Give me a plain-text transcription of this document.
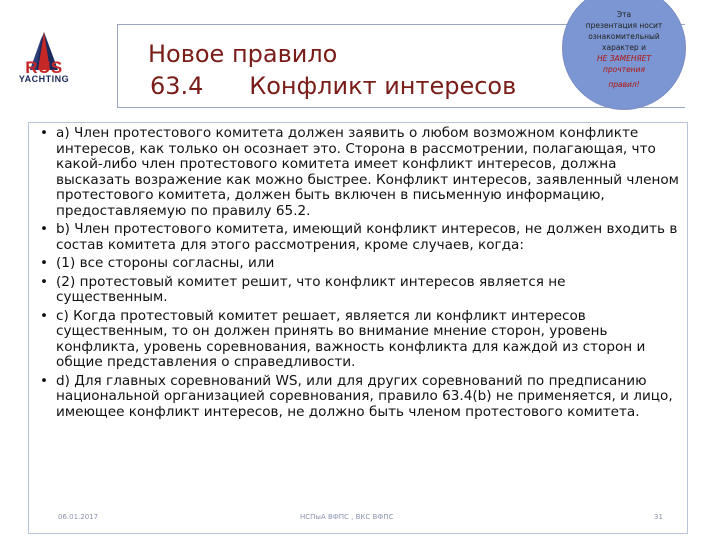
RUS
YACHTING
Новое правило
63.4      Конфликт интересов
Эта
презентация носит
ознакомительный
характер и
НЕ ЗАМЕНЯЕТ
прочтения
правил!
• a) Член протестового комитета должен заявить о любом возможном конфликте интересов, как только он осознает это. Сторона в рассмотрении, полагающая, что какой-либо член протестового комитета имеет конфликт интересов, должна высказать возражение как можно быстрее. Конфликт интересов, заявленный членом протестового комитета, должен быть включен в письменную информацию, предоставляемую по правилу 65.2.
• b) Член протестового комитета, имеющий конфликт интересов, не должен входить в состав комитета для этого рассмотрения, кроме случаев, когда:
• (1) все стороны согласны, или
• (2) протестовый комитет решит, что конфликт интересов является не существенным.
• c) Когда протестовый комитет решает, является ли конфликт интересов существенным, то он должен принять во внимание мнение сторон, уровень конфликта, уровень соревнования, важность конфликта для каждой из сторон и общие представления о справедливости.
• d) Для главных соревнований WS, или для других соревнований по предписанию национальной организацией соревнования, правило 63.4(b) не применяется, и лицо, имеющее конфликт интересов, не должно быть членом протестового комитета.
06.01.2017	НСПыА ВФПС , ВКС ВФПС	31
